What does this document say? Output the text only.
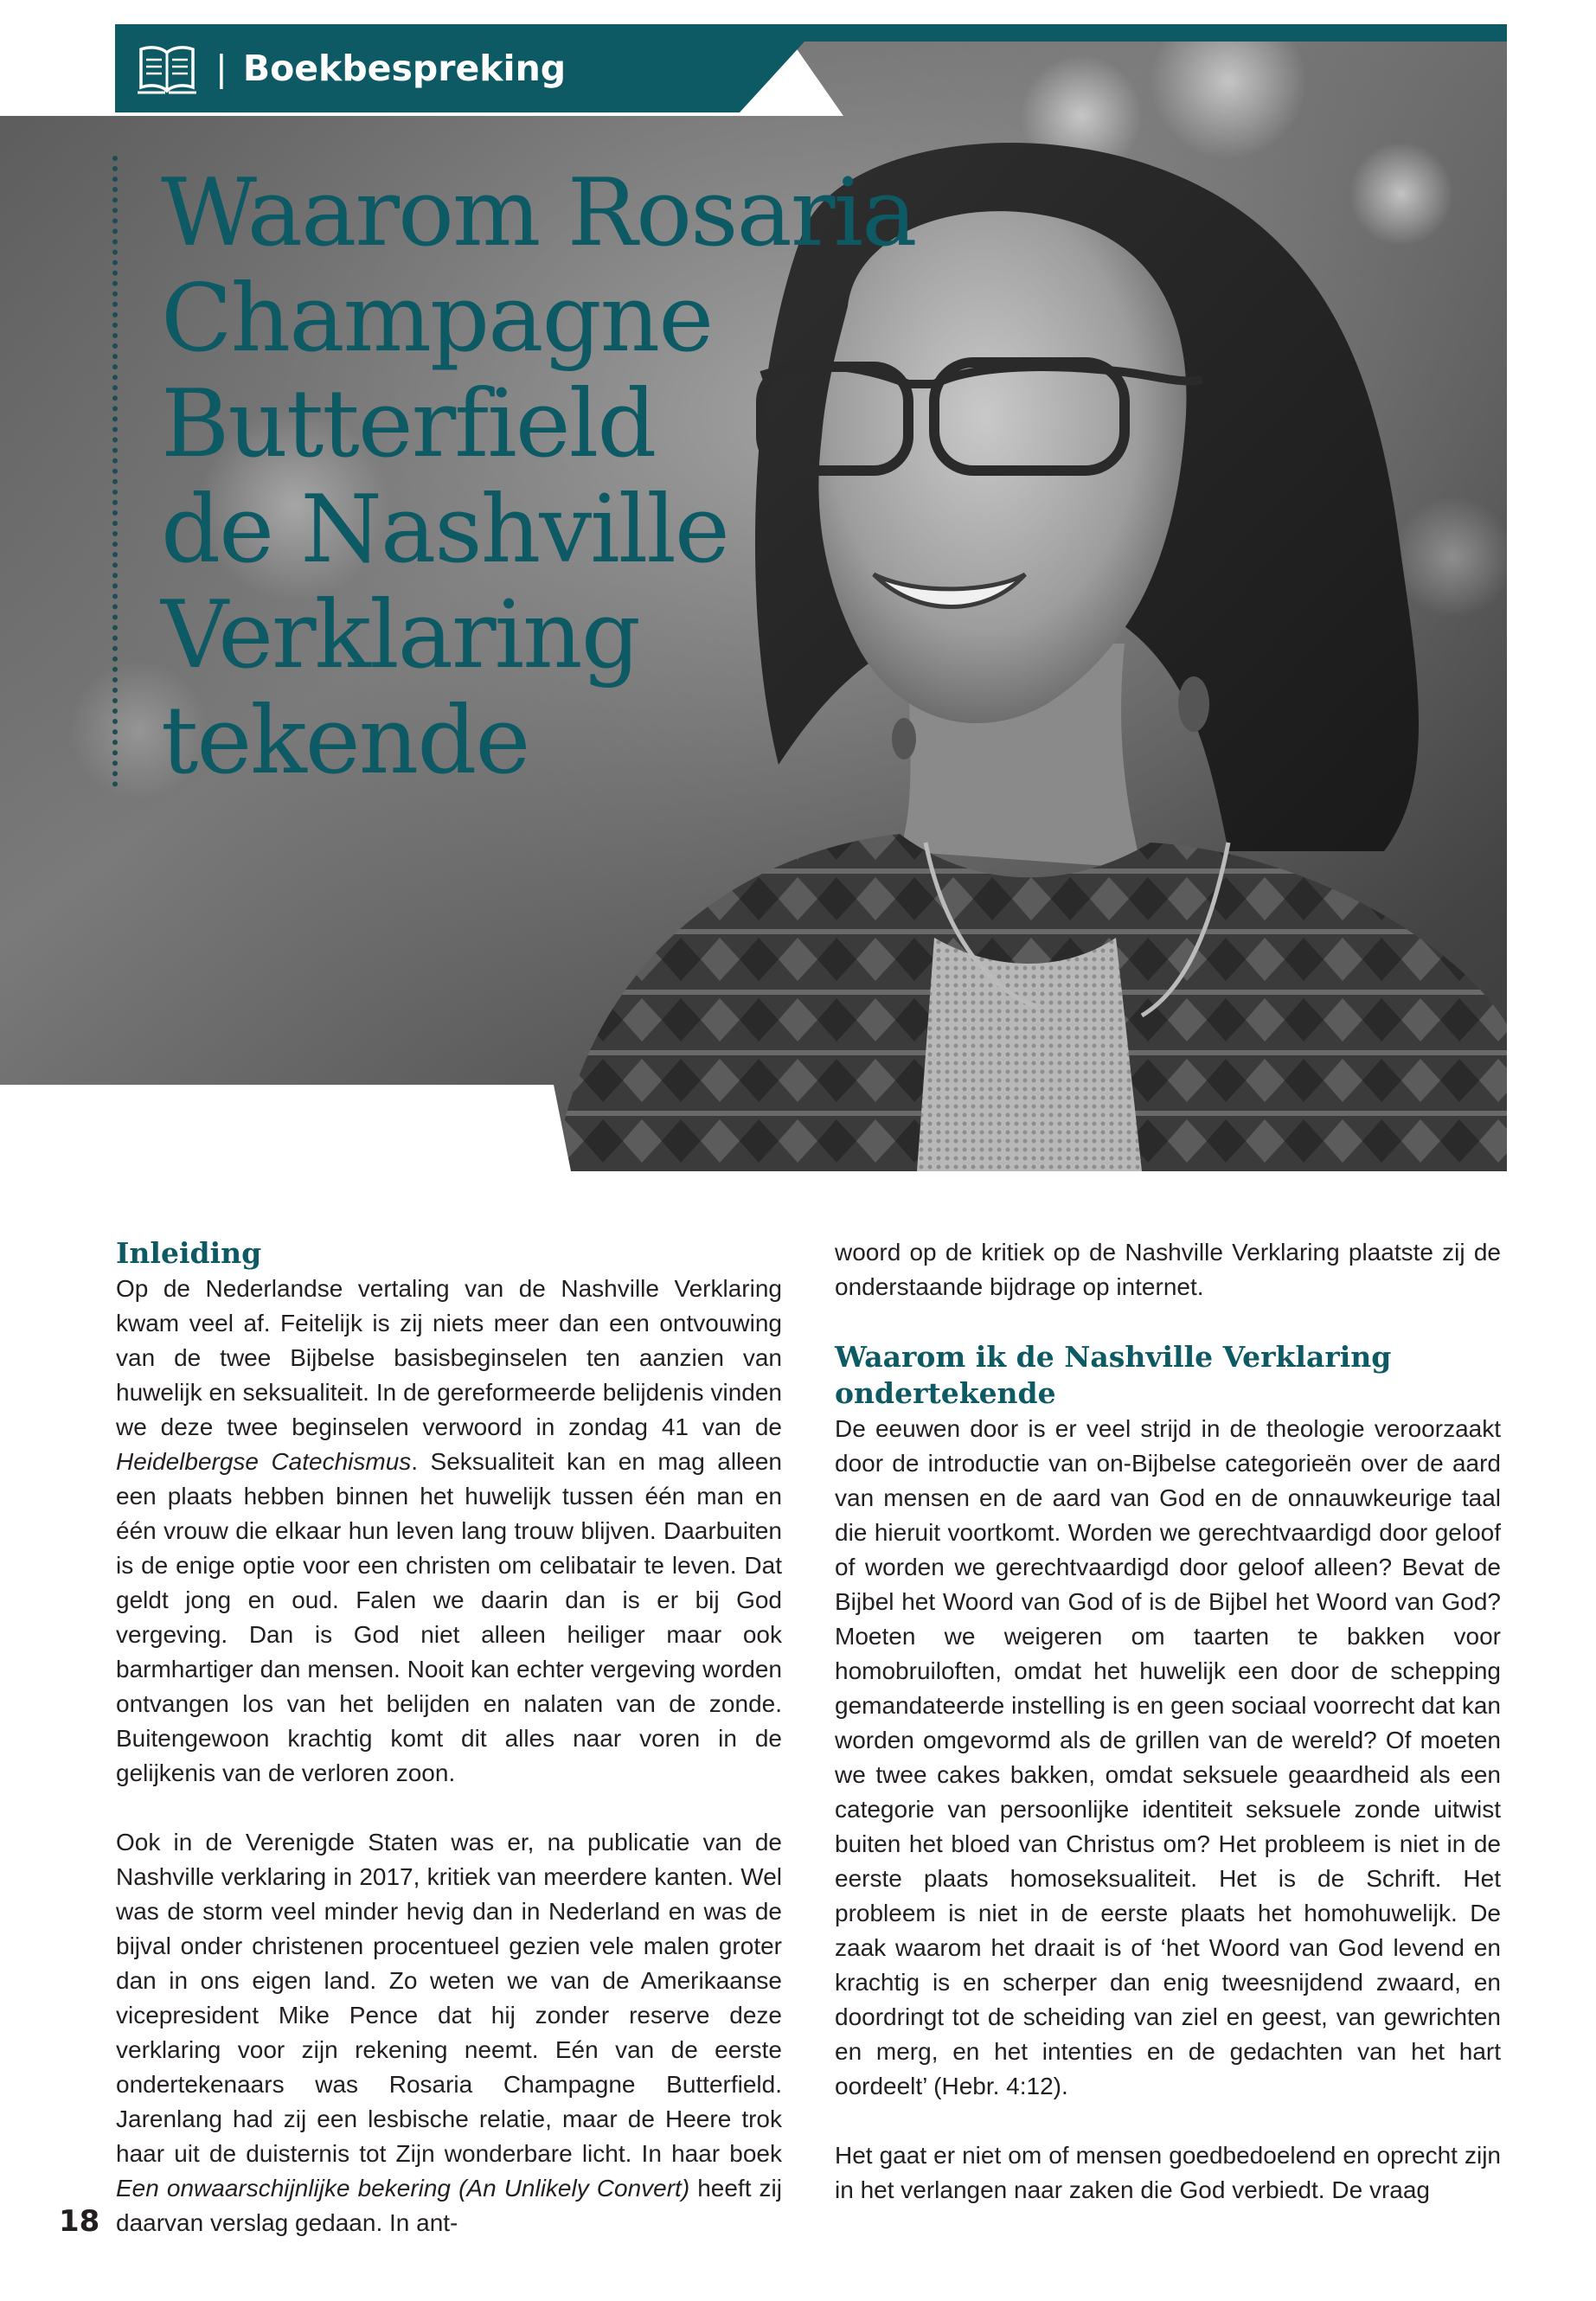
| Boekbespreking
Waarom Rosaria
Champagne
Butterfield
de Nashville
Verklaring
tekende
Inleiding

Op de Nederlandse vertaling van de Nashville Verklaring kwam veel af. Feitelijk is zij niets meer dan een ontvouwing van de twee Bijbelse basisbeginselen ten aanzien van huwelijk en seksualiteit. In de gereformeerde belijdenis vinden we deze twee beginselen verwoord in zondag 41 van de Heidelbergse Catechismus. Seksualiteit kan en mag alleen een plaats hebben binnen het huwelijk tussen één man en één vrouw die elkaar hun leven lang trouw blijven. Daarbuiten is de enige optie voor een christen om celibatair te leven. Dat geldt jong en oud. Falen we daarin dan is er bij God vergeving. Dan is God niet alleen heiliger maar ook barmhartiger dan mensen. Nooit kan echter vergeving worden ontvangen los van het belijden en nalaten van de zonde. Buitengewoon krachtig komt dit alles naar voren in de gelijkenis van de verloren zoon.

Ook in de Verenigde Staten was er, na publicatie van de Nashville verklaring in 2017, kritiek van meerdere kanten. Wel was de storm veel minder hevig dan in Nederland en was de bijval onder christenen procentueel gezien vele malen groter dan in ons eigen land. Zo weten we van de Amerikaanse vicepresident Mike Pence dat hij zonder reserve deze verklaring voor zijn rekening neemt. Eén van de eerste ondertekenaars was Rosaria Champagne Butterfield. Jarenlang had zij een lesbische relatie, maar de Heere trok haar uit de duisternis tot Zijn wonderbare licht. In haar boek Een onwaarschijnlijke bekering (An Unlikely Convert) heeft zij daarvan verslag gedaan. In ant-

woord op de kritiek op de Nashville Verklaring plaatste zij de onderstaande bijdrage op internet.

Waarom ik de Nashville Verklaring ondertekende

De eeuwen door is er veel strijd in de theologie veroorzaakt door de introductie van on-Bijbelse categorieën over de aard van mensen en de aard van God en de onnauwkeurige taal die hieruit voortkomt. Worden we gerechtvaardigd door geloof of worden we gerechtvaardigd door geloof alleen? Bevat de Bijbel het Woord van God of is de Bijbel het Woord van God? Moeten we weigeren om taarten te bakken voor homobruiloften, omdat het huwelijk een door de schepping gemandateerde instelling is en geen sociaal voorrecht dat kan worden omgevormd als de grillen van de wereld? Of moeten we twee cakes bakken, omdat seksuele geaardheid als een categorie van persoonlijke identiteit seksuele zonde uitwist buiten het bloed van Christus om? Het probleem is niet in de eerste plaats homoseksualiteit. Het is de Schrift. Het probleem is niet in de eerste plaats het homohuwelijk. De zaak waarom het draait is of ‘het Woord van God levend en krachtig is en scherper dan enig tweesnijdend zwaard, en doordringt tot de scheiding van ziel en geest, van gewrichten en merg, en het intenties en de gedachten van het hart oordeelt’ (Hebr. 4:12).

Het gaat er niet om of mensen goedbedoelend en oprecht zijn in het verlangen naar zaken die God verbiedt. De vraag

18
